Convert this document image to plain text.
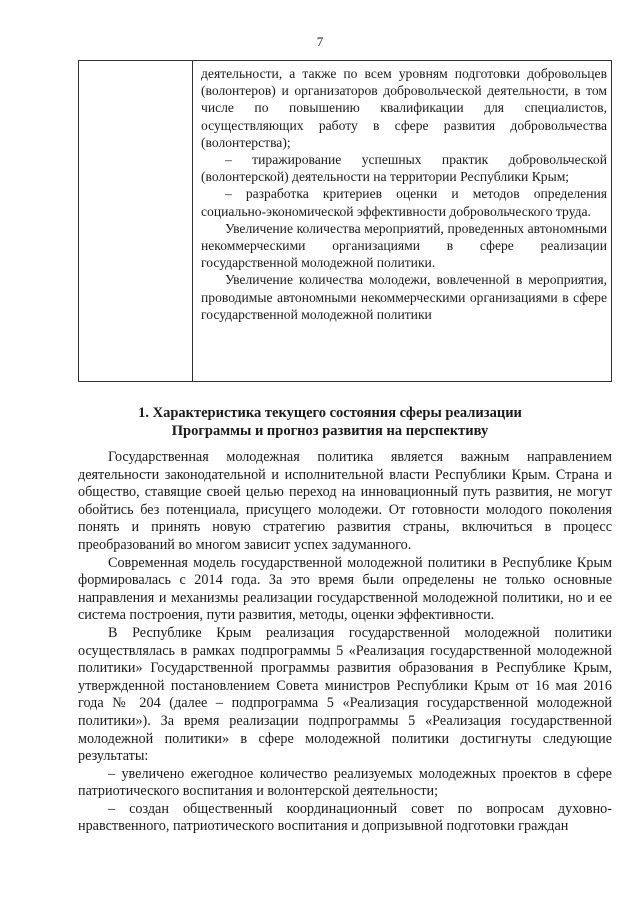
7

деятельности, а также по всем уровням подготовки добровольцев (волонтеров) и организаторов добровольческой деятельности, в том числе по повышению квалификации для специалистов, осуществляющих работу в сфере развития добровольчества (волонтерства);

– тиражирование успешных практик добровольческой (волонтерской) деятельности на территории Республики Крым;

– разработка критериев оценки и методов определения социально-экономической эффективности добровольческого труда.

Увеличение количества мероприятий, проведенных автономными некоммерческими организациями в сфере реализации государственной молодежной политики.

Увеличение количества молодежи, вовлеченной в мероприятия, проводимые автономными некоммерческими организациями в сфере государственной молодежной политики

1. Характеристика текущего состояния сферы реализации
Программы и прогноз развития на перспективу

Государственная молодежная политика является важным направлением деятельности законодательной и исполнительной власти Республики Крым. Страна и общество, ставящие своей целью переход на инновационный путь развития, не могут обойтись без потенциала, присущего молодежи. От готовности молодого поколения понять и принять новую стратегию развития страны, включиться в процесс преобразований во многом зависит успех задуманного.

Современная модель государственной молодежной политики в Республике Крым формировалась с 2014 года. За это время были определены не только основные направления и механизмы реализации государственной молодежной политики, но и ее система построения, пути развития, методы, оценки эффективности.

В Республике Крым реализация государственной молодежной политики осуществлялась в рамках подпрограммы 5 «Реализация государственной молодежной политики» Государственной программы развития образования в Республике Крым, утвержденной постановлением Совета министров Республики Крым от 16 мая 2016 года № 204 (далее – подпрограмма 5 «Реализация государственной молодежной политики»). За время реализации подпрограммы 5 «Реализация государственной молодежной политики» в сфере молодежной политики достигнуты следующие результаты:

– увеличено ежегодное количество реализуемых молодежных проектов в сфере патриотического воспитания и волонтерской деятельности;

– создан общественный координационный совет по вопросам духовно-нравственного, патриотического воспитания и допризывной подготовки граждан
